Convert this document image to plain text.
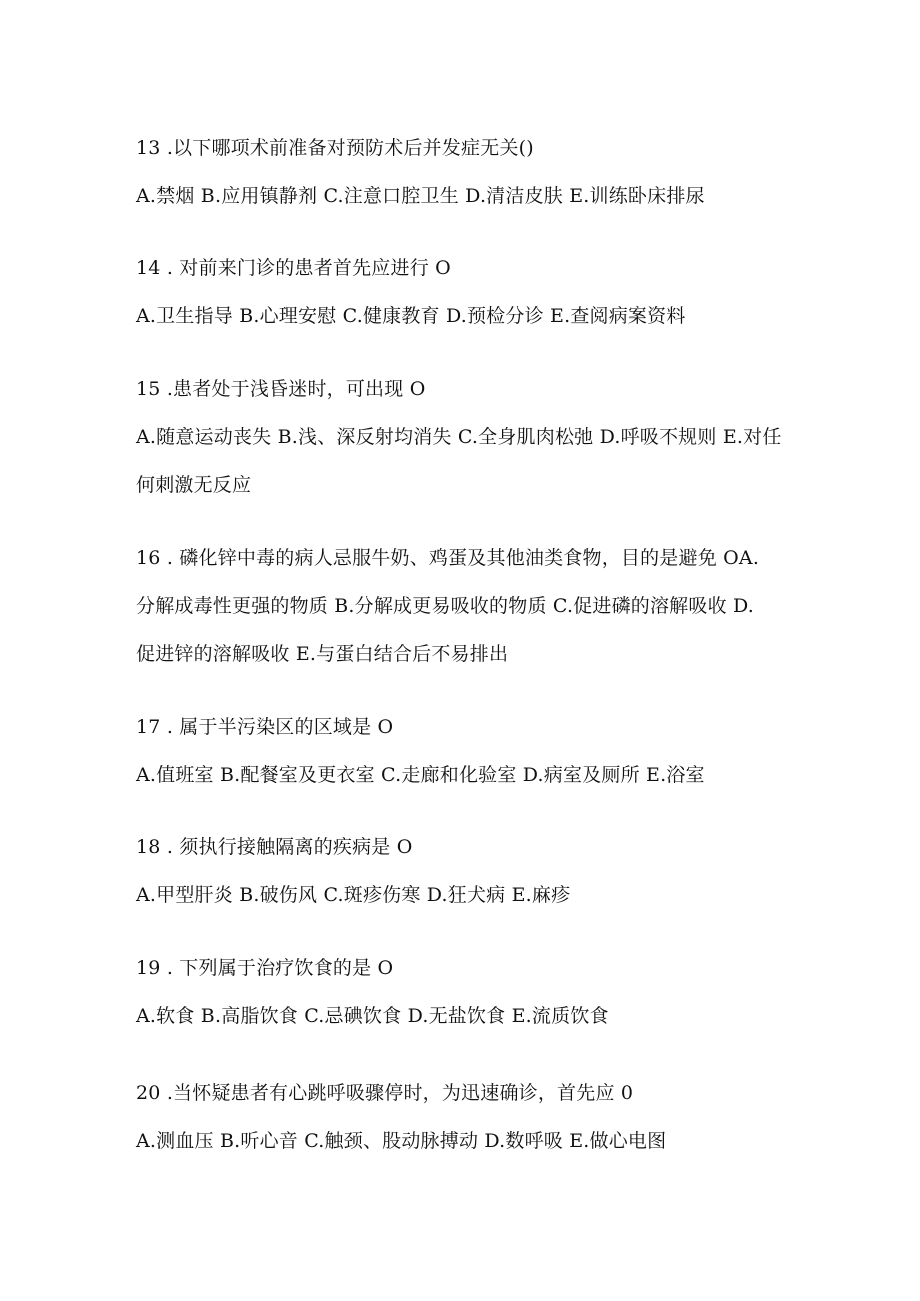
13 .以下哪项术前准备对预防术后并发症无关()
A.禁烟 B.应用镇静剂 C.注意口腔卫生 D.清洁皮肤 E.训练卧床排尿
14 . 对前来门诊的患者首先应进行 O
A.卫生指导 B.心理安慰 C.健康教育 D.预检分诊 E.查阅病案资料
15 .患者处于浅昏迷时，可出现 O
A.随意运动丧失 B.浅、深反射均消失 C.全身肌肉松弛 D.呼吸不规则 E.对任
何刺激无反应
16 . 磷化锌中毒的病人忌服牛奶、鸡蛋及其他油类食物，目的是避免 OA.
分解成毒性更强的物质 B.分解成更易吸收的物质 C.促进磷的溶解吸收 D.
促进锌的溶解吸收 E.与蛋白结合后不易排出
17 . 属于半污染区的区域是 O
A.值班室 B.配餐室及更衣室 C.走廊和化验室 D.病室及厕所 E.浴室
18 . 须执行接触隔离的疾病是 O
A.甲型肝炎 B.破伤风 C.斑疹伤寒 D.狂犬病 E.麻疹
19 . 下列属于治疗饮食的是 O
A.软食 B.高脂饮食 C.忌碘饮食 D.无盐饮食 E.流质饮食
20 .当怀疑患者有心跳呼吸骤停时，为迅速确诊，首先应 0
A.测血压 B.听心音 C.触颈、股动脉搏动 D.数呼吸 E.做心电图
